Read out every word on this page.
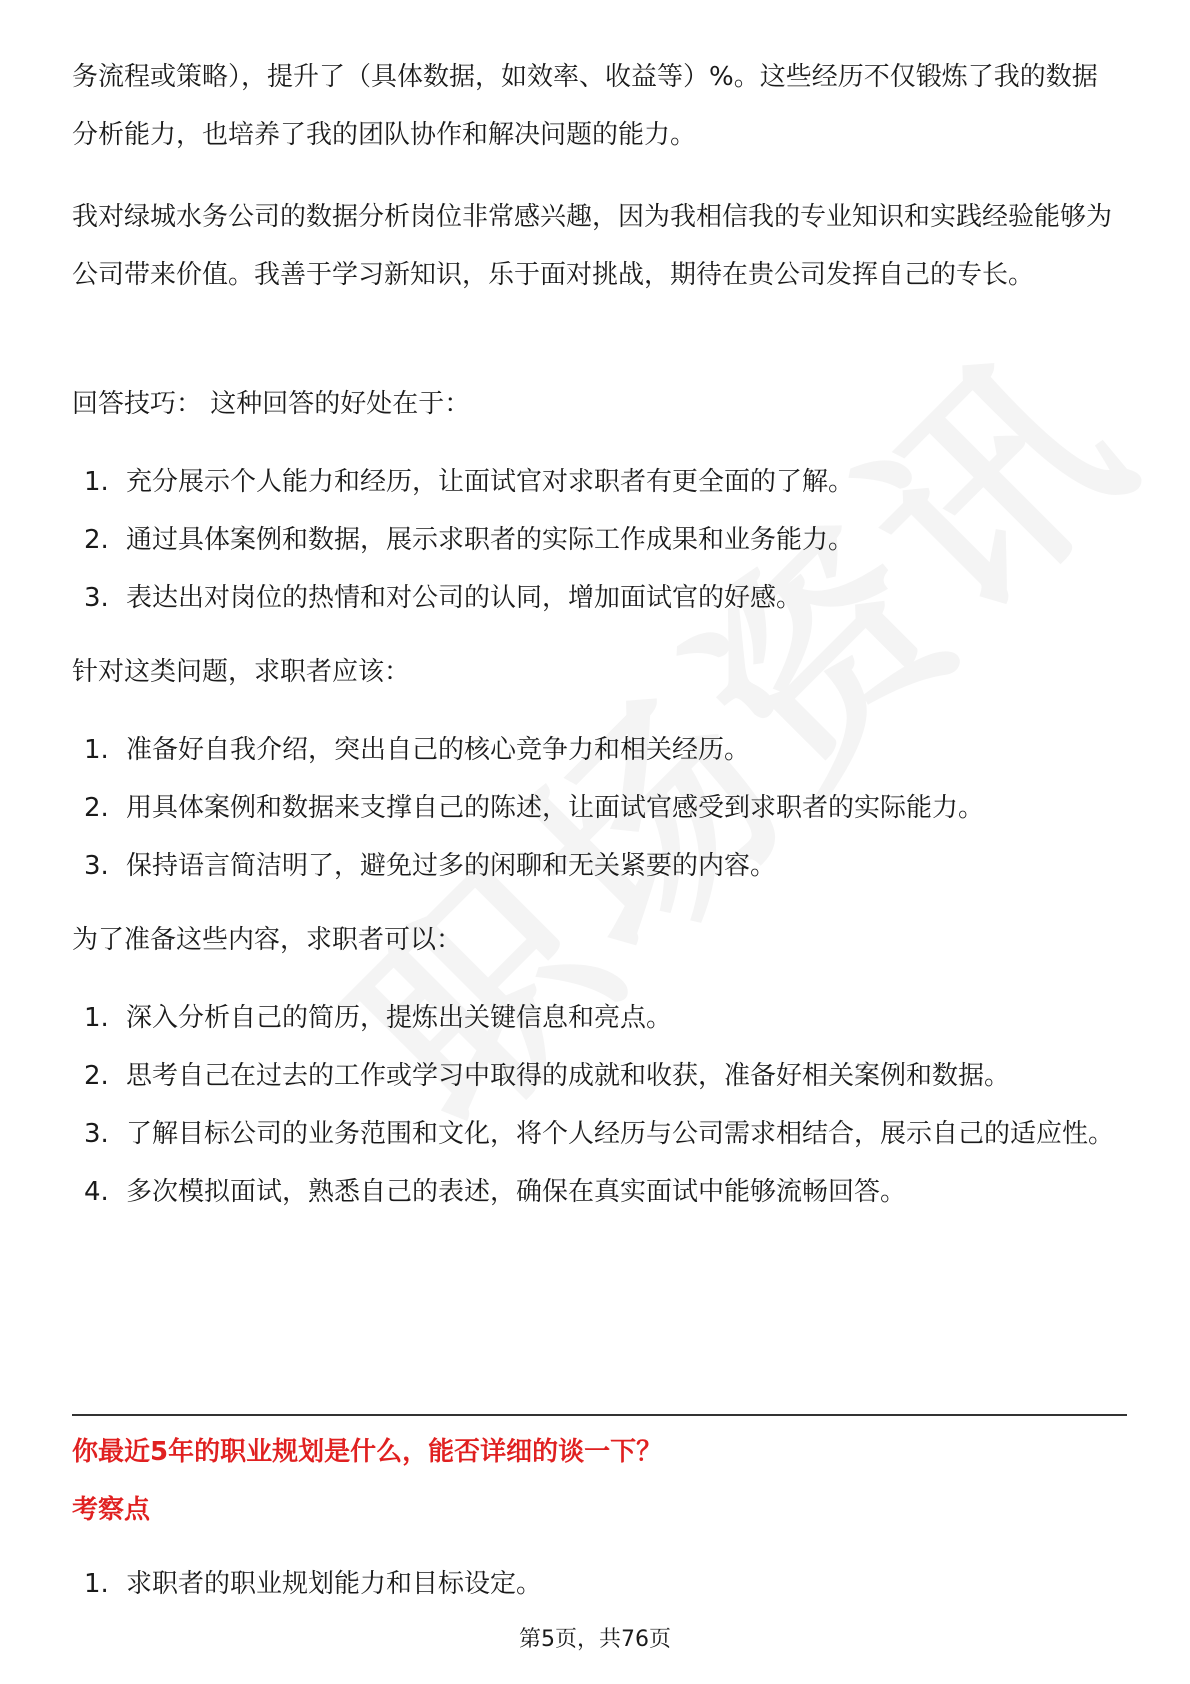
务流程或策略），提升了（具体数据，如效率、收益等）%。这些经历不仅锻炼了我的数据分析能力，也培养了我的团队协作和解决问题的能力。

我对绿城水务公司的数据分析岗位非常感兴趣，因为我相信我的专业知识和实践经验能够为公司带来价值。我善于学习新知识，乐于面对挑战，期待在贵公司发挥自己的专长。

回答技巧： 这种回答的好处在于：

1. 充分展示个人能力和经历，让面试官对求职者有更全面的了解。
2. 通过具体案例和数据，展示求职者的实际工作成果和业务能力。
3. 表达出对岗位的热情和对公司的认同，增加面试官的好感。

针对这类问题，求职者应该：

1. 准备好自我介绍，突出自己的核心竞争力和相关经历。
2. 用具体案例和数据来支撑自己的陈述，让面试官感受到求职者的实际能力。
3. 保持语言简洁明了，避免过多的闲聊和无关紧要的内容。

为了准备这些内容，求职者可以：

1. 深入分析自己的简历，提炼出关键信息和亮点。
2. 思考自己在过去的工作或学习中取得的成就和收获，准备好相关案例和数据。
3. 了解目标公司的业务范围和文化，将个人经历与公司需求相结合，展示自己的适应性。
4. 多次模拟面试，熟悉自己的表述，确保在真实面试中能够流畅回答。
你最近5年的职业规划是什么，能否详细的谈一下？
考察点
1. 求职者的职业规划能力和目标设定。
第5页，共76页
